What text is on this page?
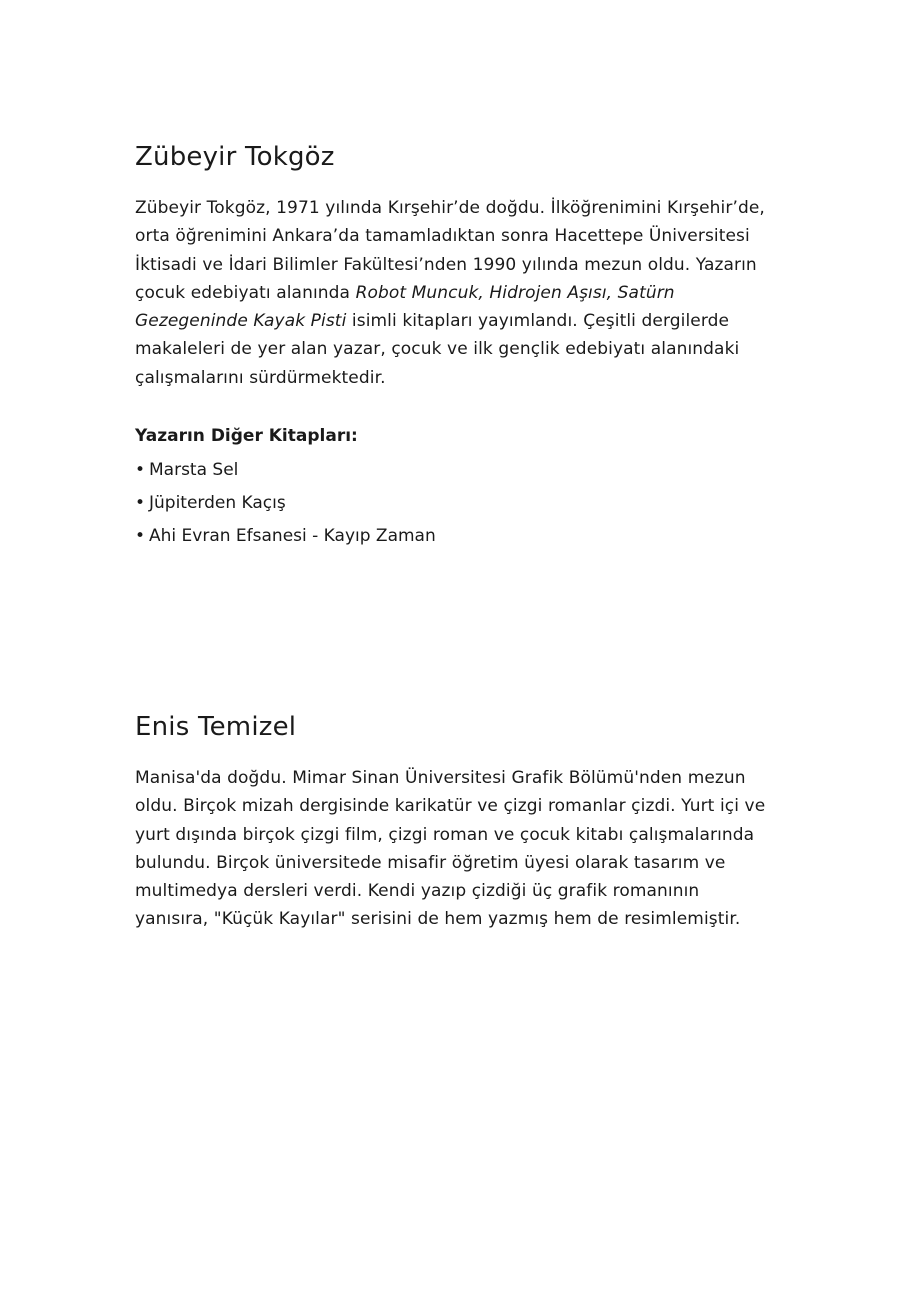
Zübeyir Tokgöz

Zübeyir Tokgöz, 1971 yılında Kırşehir’de doğdu. İlköğrenimini Kırşehir’de, orta öğrenimini Ankara’da tamamladıktan sonra Hacettepe Üniversitesi İktisadi ve İdari Bilimler Fakültesi’nden 1990 yılında mezun oldu. Yazarın çocuk edebiyatı alanında Robot Muncuk, Hidrojen Aşısı, Satürn Gezegeninde Kayak Pisti isimli kitapları yayımlandı. Çeşitli dergilerde makaleleri de yer alan yazar, çocuk ve ilk gençlik edebiyatı alanındaki çalışmalarını sürdürmektedir.

Yazarın Diğer Kitapları:
• Marsta Sel
• Jüpiterden Kaçış
• Ahi Evran Efsanesi - Kayıp Zaman
Enis Temizel

Manisa'da doğdu. Mimar Sinan Üniversitesi Grafik Bölümü'nden mezun oldu. Birçok mizah dergisinde karikatür ve çizgi romanlar çizdi. Yurt içi ve yurt dışında birçok çizgi film, çizgi roman ve çocuk kitabı çalışmalarında bulundu. Birçok üniversitede misafir öğretim üyesi olarak tasarım ve multimedya dersleri verdi. Kendi yazıp çizdiği üç grafik romanının yanısıra, "Küçük Kayılar" serisini de hem yazmış hem de resimlemiştir.
